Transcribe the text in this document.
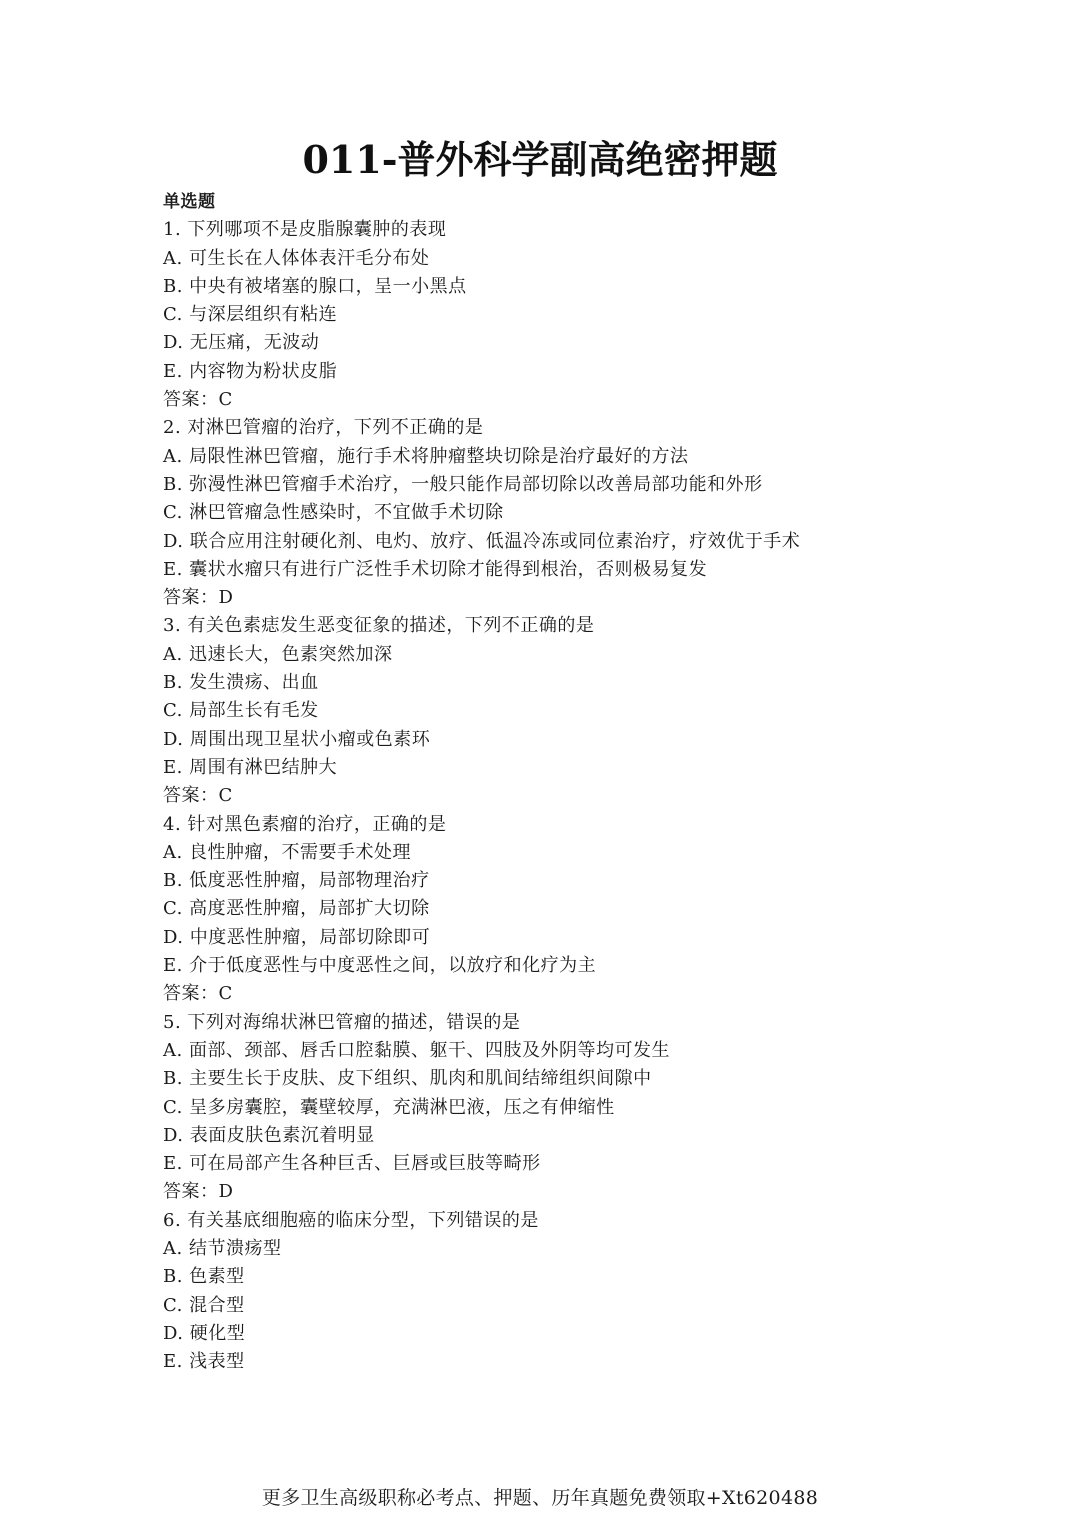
011-普外科学副高绝密押题
单选题
1. 下列哪项不是皮脂腺囊肿的表现
A. 可生长在人体体表汗毛分布处
B. 中央有被堵塞的腺口，呈一小黑点
C. 与深层组织有粘连
D. 无压痛，无波动
E. 内容物为粉状皮脂
答案：C
2. 对淋巴管瘤的治疗，下列不正确的是
A. 局限性淋巴管瘤，施行手术将肿瘤整块切除是治疗最好的方法
B. 弥漫性淋巴管瘤手术治疗，一般只能作局部切除以改善局部功能和外形
C. 淋巴管瘤急性感染时，不宜做手术切除
D. 联合应用注射硬化剂、电灼、放疗、低温冷冻或同位素治疗，疗效优于手术
E. 囊状水瘤只有进行广泛性手术切除才能得到根治，否则极易复发
答案：D
3. 有关色素痣发生恶变征象的描述，下列不正确的是
A. 迅速长大，色素突然加深
B. 发生溃疡、出血
C. 局部生长有毛发
D. 周围出现卫星状小瘤或色素环
E. 周围有淋巴结肿大
答案：C
4. 针对黑色素瘤的治疗，正确的是
A. 良性肿瘤，不需要手术处理
B. 低度恶性肿瘤，局部物理治疗
C. 高度恶性肿瘤，局部扩大切除
D. 中度恶性肿瘤，局部切除即可
E. 介于低度恶性与中度恶性之间，以放疗和化疗为主
答案：C
5. 下列对海绵状淋巴管瘤的描述，错误的是
A. 面部、颈部、唇舌口腔黏膜、躯干、四肢及外阴等均可发生
B. 主要生长于皮肤、皮下组织、肌肉和肌间结缔组织间隙中
C. 呈多房囊腔，囊壁较厚，充满淋巴液，压之有伸缩性
D. 表面皮肤色素沉着明显
E. 可在局部产生各种巨舌、巨唇或巨肢等畸形
答案：D
6. 有关基底细胞癌的临床分型，下列错误的是
A. 结节溃疡型
B. 色素型
C. 混合型
D. 硬化型
E. 浅表型
更多卫生高级职称必考点、押题、历年真题免费领取+Xt620488
